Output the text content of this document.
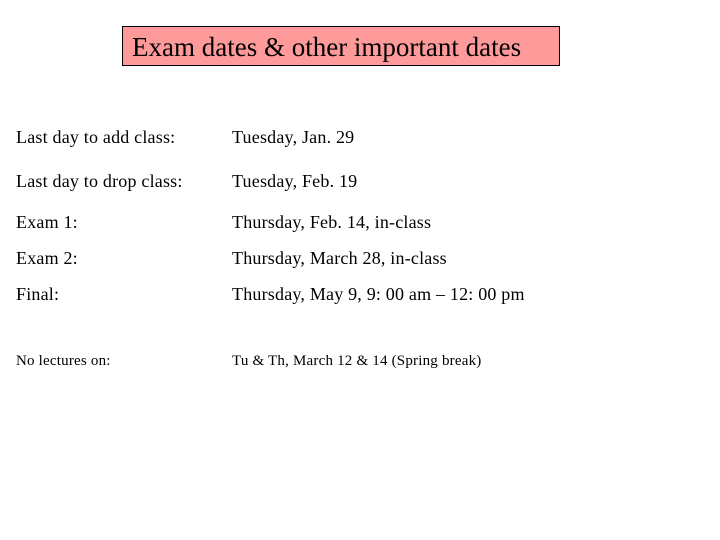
Exam dates & other important dates
Last day to add class:	Tuesday, Jan. 29
Last day to drop class:	Tuesday, Feb. 19
Exam 1:	Thursday, Feb. 14, in-class
Exam 2:	Thursday, March 28, in-class
Final:	Thursday, May 9, 9: 00 am – 12: 00 pm
No lectures on:	Tu & Th, March 12 & 14 (Spring break)
